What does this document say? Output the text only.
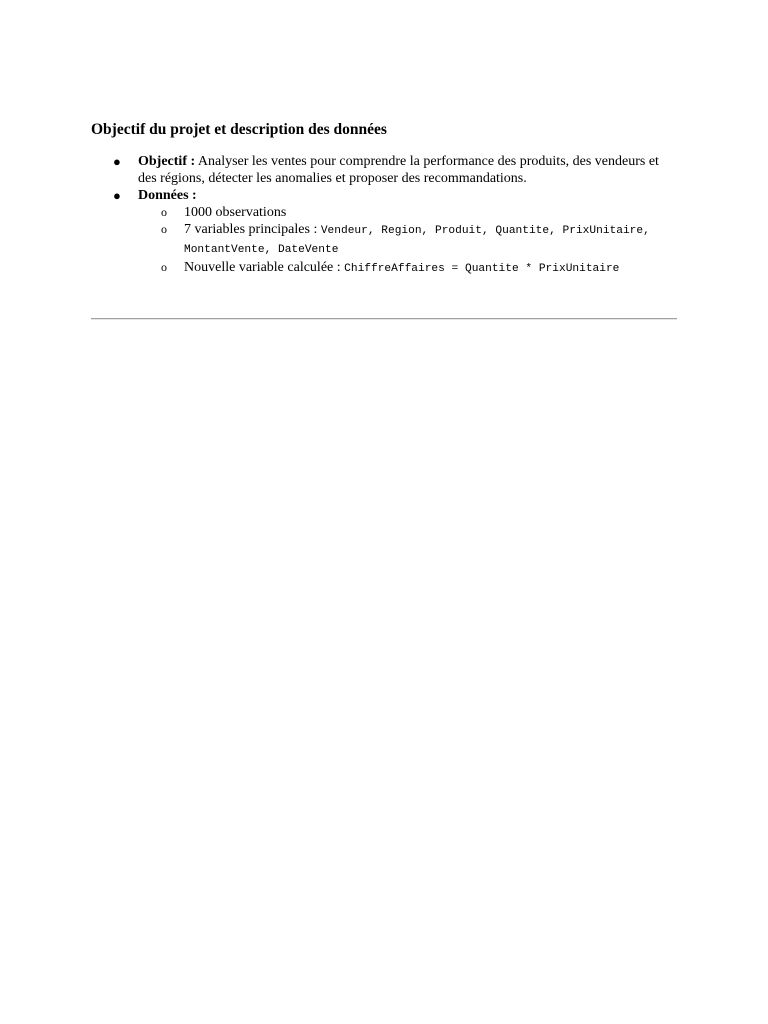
Objectif du projet et description des données
● Objectif : Analyser les ventes pour comprendre la performance des produits, des vendeurs et des régions, détecter les anomalies et proposer des recommandations.
● Données :
o 1000 observations
o 7 variables principales : Vendeur, Region, Produit, Quantite, PrixUnitaire, MontantVente, DateVente
o Nouvelle variable calculée : ChiffreAffaires = Quantite * PrixUnitaire
